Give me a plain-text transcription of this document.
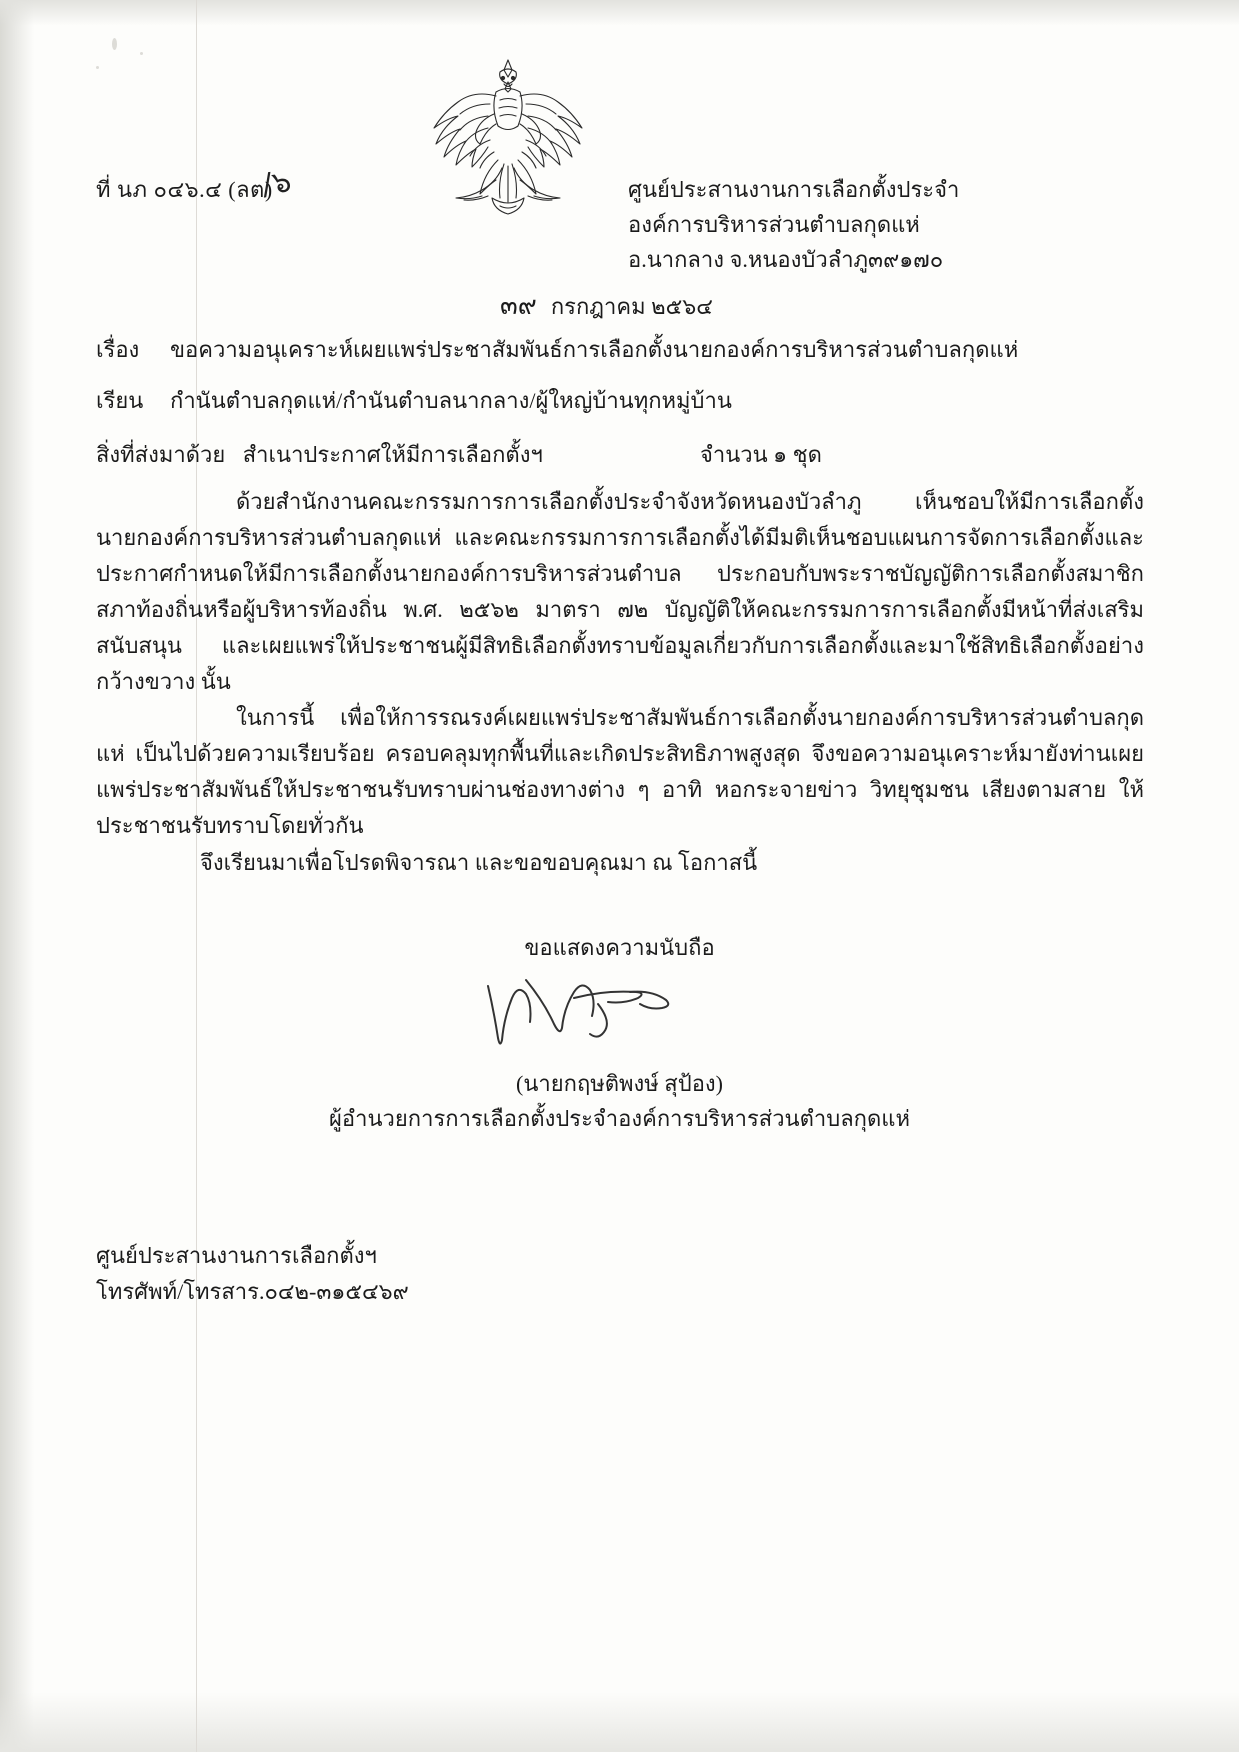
ที่ นภ ๐๔๖.๔ (ลต)
/๖	ศูนย์ประสานงานการเลือกตั้งประจำ
องค์การบริหารส่วนตำบลกุดแห่
อ.นากลาง จ.หนองบัวลำภู๓๙๑๗๐
๓๙ กรกฎาคม ๒๕๖๔
เรื่อง ขอความอนุเคราะห์เผยแพร่ประชาสัมพันธ์การเลือกตั้งนายกองค์การบริหารส่วนตำบลกุดแห่
เรียน กำนันตำบลกุดแห่/กำนันตำบลนากลาง/ผู้ใหญ่บ้านทุกหมู่บ้าน
สิ่งที่ส่งมาด้วย สำเนาประกาศให้มีการเลือกตั้งฯ	จำนวน ๑ ชุด
ด้วยสำนักงานคณะกรรมการการเลือกตั้งประจำจังหวัดหนองบัวลำภู เห็นชอบให้มีการเลือกตั้งนายกองค์การบริหารส่วนตำบลกุดแห่ และคณะกรรมการการเลือกตั้งได้มีมติเห็นชอบแผนการจัดการเลือกตั้งและประกาศกำหนดให้มีการเลือกตั้งนายกองค์การบริหารส่วนตำบล ประกอบกับพระราชบัญญัติการเลือกตั้งสมาชิกสภาท้องถิ่นหรือผู้บริหารท้องถิ่น พ.ศ. ๒๕๖๒ มาตรา ๗๒ บัญญัติให้คณะกรรมการการเลือกตั้งมีหน้าที่ส่งเสริมสนับสนุน และเผยแพร่ให้ประชาชนผู้มีสิทธิเลือกตั้งทราบข้อมูลเกี่ยวกับการเลือกตั้งและมาใช้สิทธิเลือกตั้งอย่างกว้างขวาง นั้น
ในการนี้ เพื่อให้การรณรงค์เผยแพร่ประชาสัมพันธ์การเลือกตั้งนายกองค์การบริหารส่วนตำบลกุดแห่ เป็นไปด้วยความเรียบร้อย ครอบคลุมทุกพื้นที่และเกิดประสิทธิภาพสูงสุด จึงขอความอนุเคราะห์มายังท่านเผยแพร่ประชาสัมพันธ์ให้ประชาชนรับทราบผ่านช่องทางต่าง ๆ อาทิ หอกระจายข่าว วิทยุชุมชน เสียงตามสาย ให้ประชาชนรับทราบโดยทั่วกัน
จึงเรียนมาเพื่อโปรดพิจารณา และขอขอบคุณมา ณ โอกาสนี้
ขอแสดงความนับถือ
(นายกฤษติพงษ์ สุป้อง)
ผู้อำนวยการการเลือกตั้งประจำองค์การบริหารส่วนตำบลกุดแห่
ศูนย์ประสานงานการเลือกตั้งฯ
โทรศัพท์/โทรสาร.๐๔๒-๓๑๕๔๖๙
